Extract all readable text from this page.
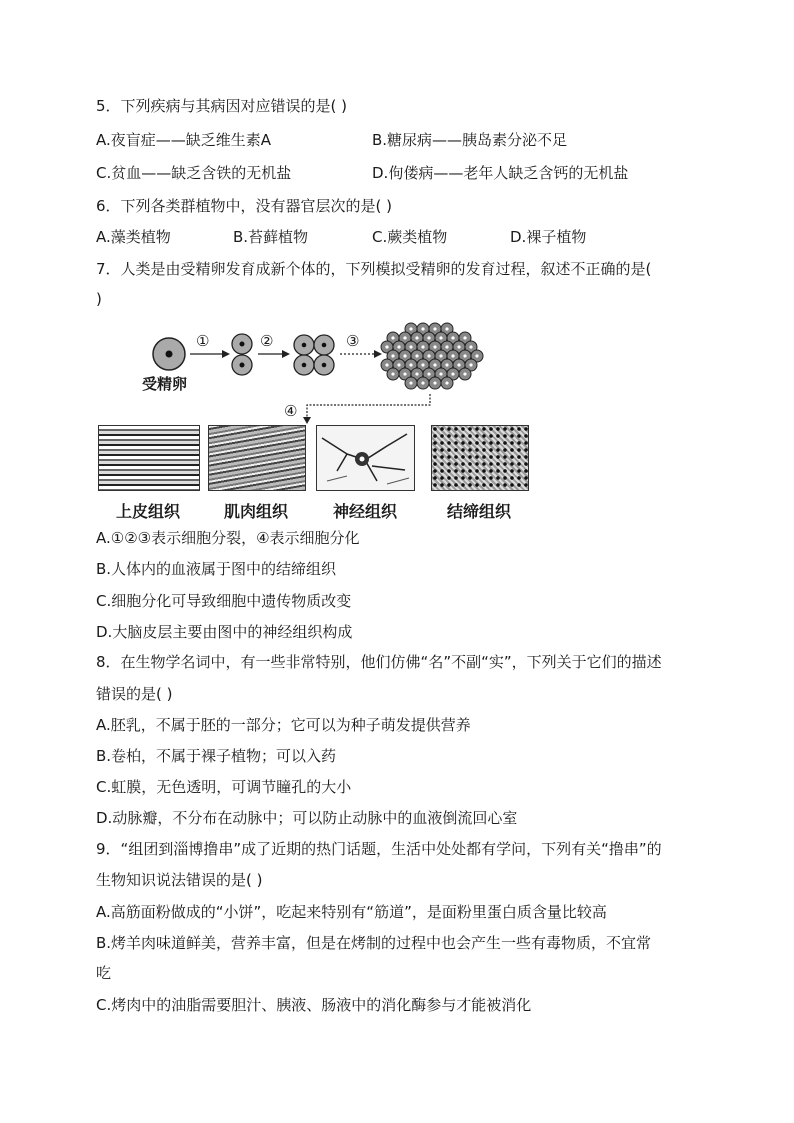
5．下列疾病与其病因对应错误的是( )
A.夜盲症——缺乏维生素A	B.糖尿病——胰岛素分泌不足
C.贫血——缺乏含铁的无机盐	D.佝偻病——老年人缺乏含钙的无机盐
6．下列各类群植物中，没有器官层次的是( )
A.藻类植物	B.苔藓植物	C.蕨类植物	D.裸子植物
7．人类是由受精卵发育成新个体的，下列模拟受精卵的发育过程，叙述不正确的是(
)
受精卵
①	②	③
④
上皮组织	肌肉组织	神经组织	结缔组织
A.①②③表示细胞分裂，④表示细胞分化
B.人体内的血液属于图中的结缔组织
C.细胞分化可导致细胞中遗传物质改变
D.大脑皮层主要由图中的神经组织构成
8．在生物学名词中，有一些非常特别，他们仿佛“名”不副“实”，下列关于它们的描述
错误的是( )
A.胚乳，不属于胚的一部分；它可以为种子萌发提供营养
B.卷柏，不属于裸子植物；可以入药
C.虹膜，无色透明，可调节瞳孔的大小
D.动脉瓣，不分布在动脉中；可以防止动脉中的血液倒流回心室
9．“组团到淄博撸串”成了近期的热门话题，生活中处处都有学问，下列有关“撸串”的
生物知识说法错误的是( )
A.高筋面粉做成的“小饼”，吃起来特别有“筋道”，是面粉里蛋白质含量比较高
B.烤羊肉味道鲜美，营养丰富，但是在烤制的过程中也会产生一些有毒物质，不宜常
吃
C.烤肉中的油脂需要胆汁、胰液、肠液中的消化酶参与才能被消化
